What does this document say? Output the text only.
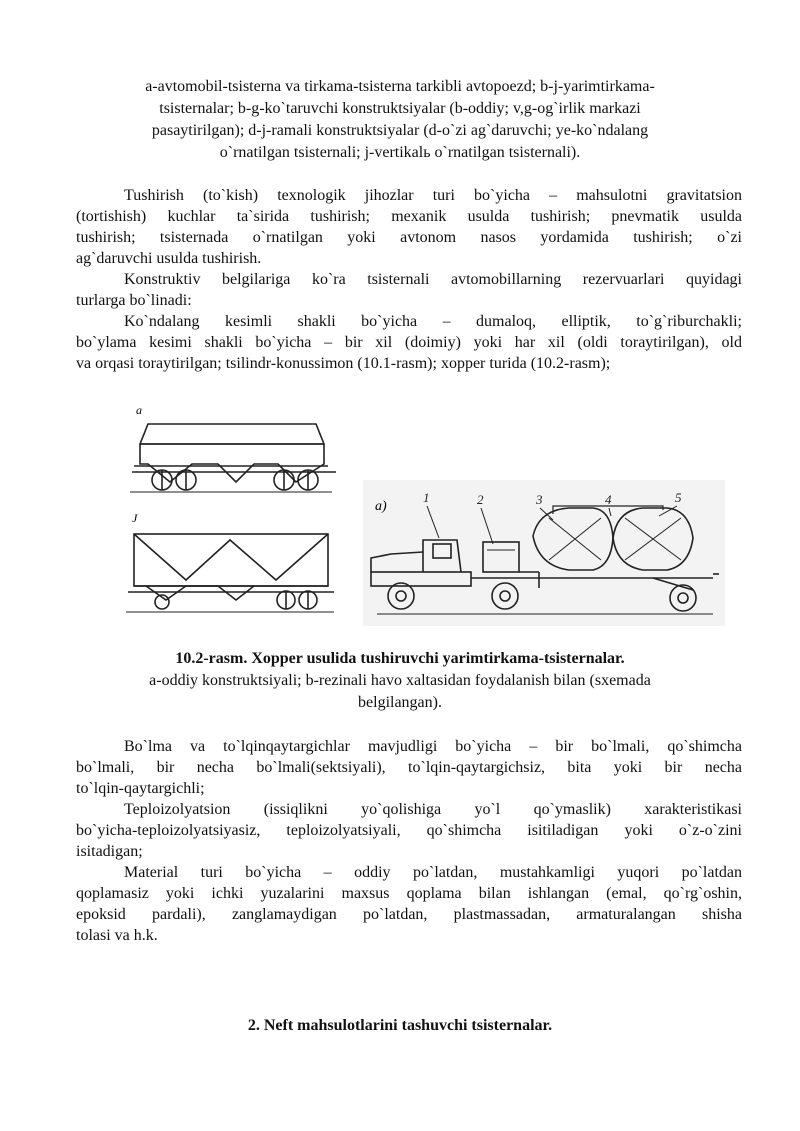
a-avtomobil-tsisterna va tirkama-tsisterna tarkibli avtopoezd; b-j-yarimtirkama-
tsisternalar; b-g-ko`taruvchi konstruktsiyalar (b-oddiy; v,g-og`irlik markazi
pasaytirilgan); d-j-ramali konstruktsiyalar (d-o`zi ag`daruvchi; ye-ko`ndalang
o`rnatilgan tsisternali; j-vertikalь o`rnatilgan tsisternali).
Tushirish (to`kish) texnologik jihozlar turi bo`yicha – mahsulotni gravitatsion
(tortishish) kuchlar ta`sirida tushirish; mexanik usulda tushirish; pnevmatik usulda
tushirish; tsisternada o`rnatilgan yoki avtonom nasos yordamida tushirish; o`zi
ag`daruvchi usulda tushirish.
Konstruktiv belgilariga ko`ra tsisternali avtomobillarning rezervuarlari quyidagi
turlarga bo`linadi:
Ko`ndalang kesimli shakli bo`yicha – dumaloq, elliptik, to`g`riburchakli;
bo`ylama kesimi shakli bo`yicha – bir xil (doimiy) yoki har xil (oldi toraytirilgan), old
va orqasi toraytirilgan; tsilindr-konussimon (10.1-rasm); xopper turida (10.2-rasm);
a
J
a)
1	2	3	4	5
10.2-rasm. Xopper usulida tushiruvchi yarimtirkama-tsisternalar.
a-oddiy konstruktsiyali; b-rezinali havo xaltasidan foydalanish bilan (sxemada
belgilangan).
Bo`lma va to`lqinqaytargichlar mavjudligi bo`yicha – bir bo`lmali, qo`shimcha
bo`lmali, bir necha bo`lmali(sektsiyali), to`lqin-qaytargichsiz, bita yoki bir necha
to`lqin-qaytargichli;
Teploizolyatsion (issiqlikni yo`qolishiga yo`l qo`ymaslik) xarakteristikasi
bo`yicha-teploizolyatsiyasiz, teploizolyatsiyali, qo`shimcha isitiladigan yoki o`z-o`zini
isitadigan;
Material turi bo`yicha – oddiy po`latdan, mustahkamligi yuqori po`latdan
qoplamasiz yoki ichki yuzalarini maxsus qoplama bilan ishlangan (emal, qo`rg`oshin,
epoksid pardali), zanglamaydigan po`latdan, plastmassadan, armaturalangan shisha
tolasi va h.k.
2. Neft mahsulotlarini tashuvchi tsisternalar.
